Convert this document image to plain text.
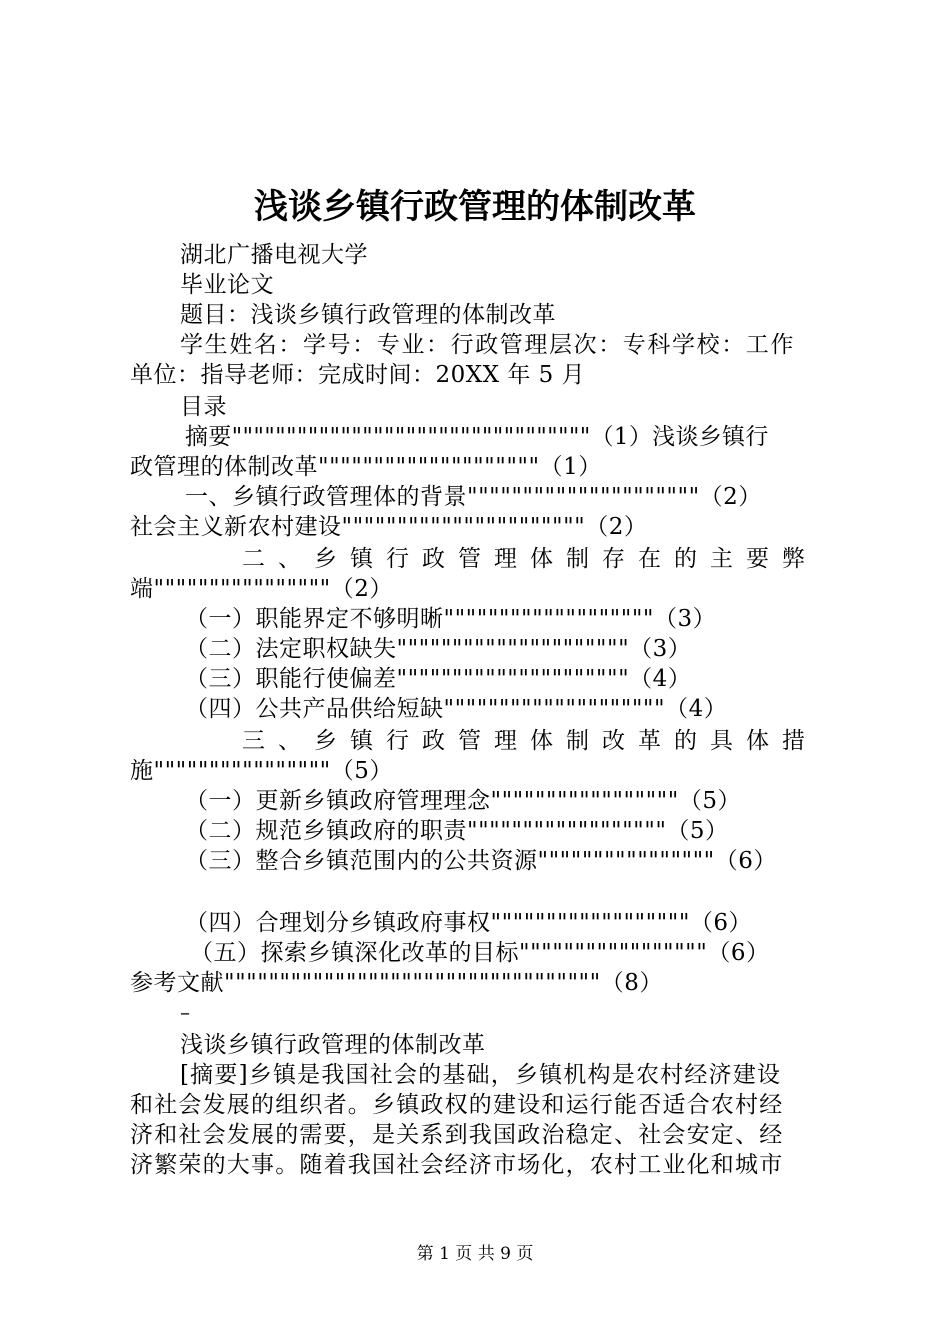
浅谈乡镇行政管理的体制改革
湖北广播电视大学
毕业论文
题目：浅谈乡镇行政管理的体制改革
学生姓名：学号：专业：行政管理层次：专科学校：工作
单位：指导老师：完成时间：20XX 年 5 月
目录
摘要"""""""""""""""""""""""""""""""""（1）浅谈乡镇行
政管理的体制改革""""""""""""""""""""（1）
一、乡镇行政管理体的背景"""""""""""""""""""""（2）
社会主义新农村建设""""""""""""""""""""""（2）
二、乡镇行政管理体制存在的主要弊
端""""""""""""""""（2）
（一）职能界定不够明晰"""""""""""""""""""（3）
（二）法定职权缺失"""""""""""""""""""""（3）
（三）职能行使偏差"""""""""""""""""""""（4）
（四）公共产品供给短缺""""""""""""""""""""（4）
三、乡镇行政管理体制改革的具体措
施""""""""""""""""（5）
（一）更新乡镇政府管理理念"""""""""""""""""（5）
（二）规范乡镇政府的职责""""""""""""""""""（5）
（三）整合乡镇范围内的公共资源""""""""""""""""（6）
（四）合理划分乡镇政府事权""""""""""""""""""（6）
（五）探索乡镇深化改革的目标"""""""""""""""""（6）
参考文献""""""""""""""""""""""""""""""""""（8）
–
浅谈乡镇行政管理的体制改革
[摘要]乡镇是我国社会的基础，乡镇机构是农村经济建设
和社会发展的组织者。乡镇政权的建设和运行能否适合农村经
济和社会发展的需要，是关系到我国政治稳定、社会安定、经
济繁荣的大事。随着我国社会经济市场化，农村工业化和城市
第 1 页 共 9 页
